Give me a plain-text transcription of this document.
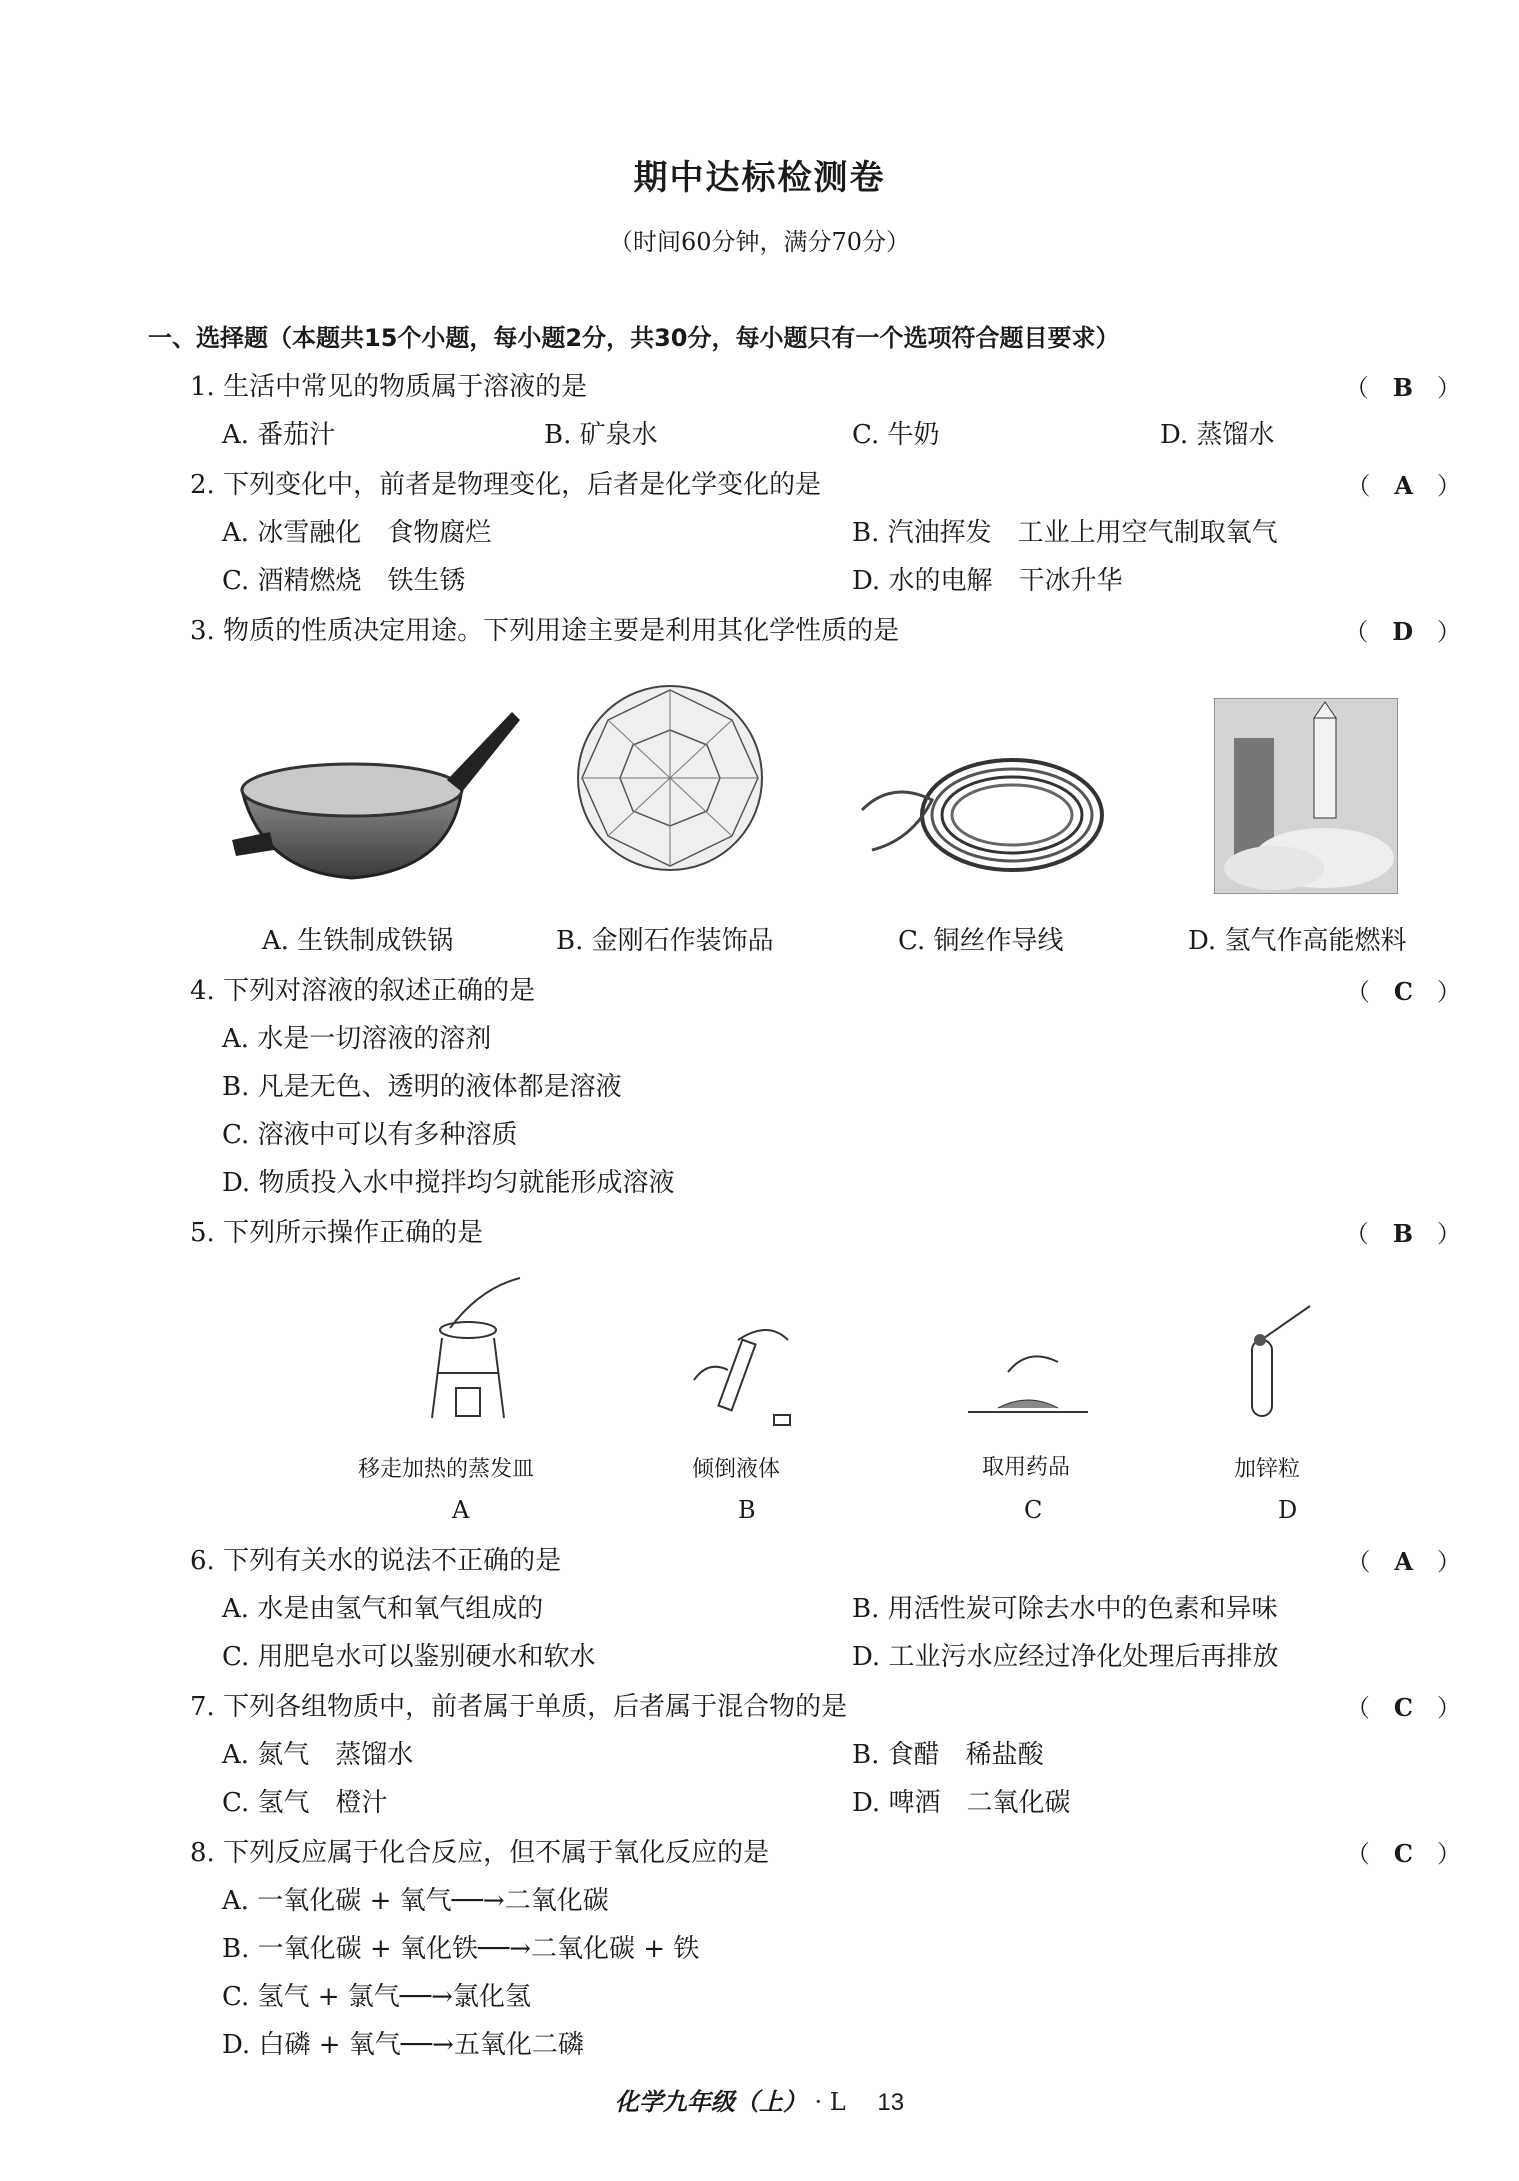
期中达标检测卷
（时间60分钟，满分70分）
一、选择题（本题共15个小题，每小题2分，共30分，每小题只有一个选项符合题目要求）
1. 生活中常见的物质属于溶液的是	（　 B　 ）
A. 番茄汁	B. 矿泉水	C. 牛奶	D. 蒸馏水
2. 下列变化中，前者是物理变化，后者是化学变化的是	（　 A　 ）
A. 冰雪融化　食物腐烂	B. 汽油挥发　工业上用空气制取氧气
C. 酒精燃烧　铁生锈	D. 水的电解　干冰升华
3. 物质的性质决定用途。下列用途主要是利用其化学性质的是	（　 D　 ）
A. 生铁制成铁锅	B. 金刚石作装饰品	C. 铜丝作导线	D. 氢气作高能燃料
4. 下列对溶液的叙述正确的是	（　 C　 ）
A. 水是一切溶液的溶剂
B. 凡是无色、透明的液体都是溶液
C. 溶液中可以有多种溶质
D. 物质投入水中搅拌均匀就能形成溶液
5. 下列所示操作正确的是	（　 B　 ）
移走加热的蒸发皿	倾倒液体	取用药品	加锌粒
A	B	C	D
6. 下列有关水的说法不正确的是	（　 A　 ）
A. 水是由氢气和氧气组成的	B. 用活性炭可除去水中的色素和异味
C. 用肥皂水可以鉴别硬水和软水	D. 工业污水应经过净化处理后再排放
7. 下列各组物质中，前者属于单质，后者属于混合物的是	（　 C　 ）
A. 氮气　蒸馏水	B. 食醋　稀盐酸
C. 氢气　橙汁	D. 啤酒　二氧化碳
8. 下列反应属于化合反应，但不属于氧化反应的是	（　 C　 ）
A. 一氧化碳 + 氧气──→二氧化碳
B. 一氧化碳 + 氧化铁──→二氧化碳 + 铁
C. 氢气 + 氯气──→氯化氢
D. 白磷 + 氧气──→五氧化二磷
化学九年级（上） · L 13
